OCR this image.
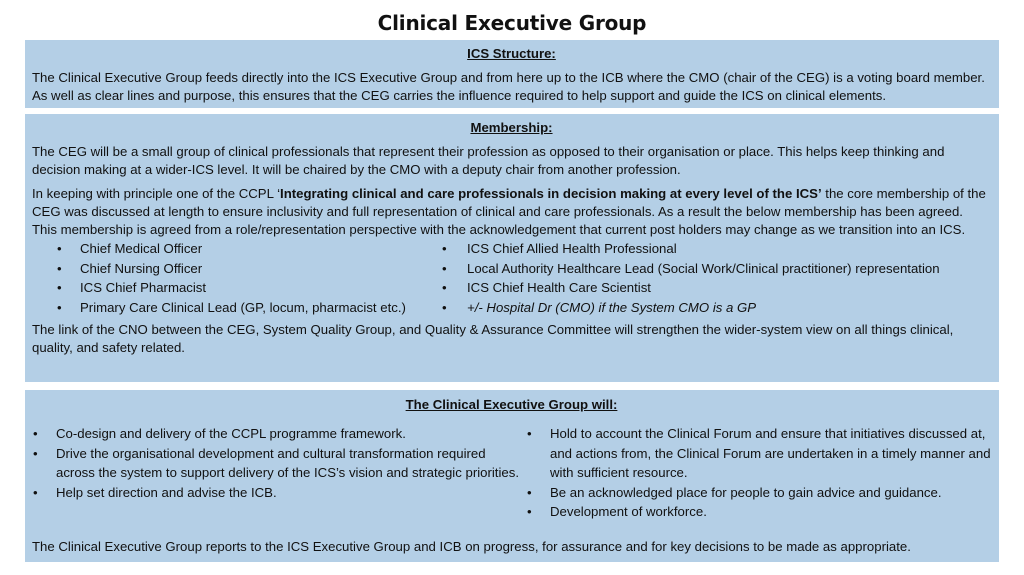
Clinical Executive Group
ICS Structure:

The Clinical Executive Group feeds directly into the ICS Executive Group and from here up to the ICB where the CMO (chair of the CEG) is a voting board member. As well as clear lines and purpose, this ensures that the CEG carries the influence required to help support and guide the ICS on clinical elements.

Membership:

The CEG will be a small group of clinical professionals that represent their profession as opposed to their organisation or place. This helps keep thinking and decision making at a wider-ICS level. It will be chaired by the CMO with a deputy chair from another profession.

In keeping with principle one of the CCPL ‘Integrating clinical and care professionals in decision making at every level of the ICS’ the core membership of the CEG was discussed at length to ensure inclusivity and full representation of clinical and care professionals. As a result the below membership has been agreed. This membership is agreed from a role/representation perspective with the acknowledgement that current post holders may change as we transition into an ICS.

• Chief Medical Officer
• Chief Nursing Officer
• ICS Chief Pharmacist
• Primary Care Clinical Lead (GP, locum, pharmacist etc.)
• ICS Chief Allied Health Professional
• Local Authority Healthcare Lead (Social Work/Clinical practitioner) representation
• ICS Chief Health Care Scientist
• +/- Hospital Dr (CMO) if the System CMO is a GP

The link of the CNO between the CEG, System Quality Group, and Quality & Assurance Committee will strengthen the wider-system view on all things clinical, quality, and safety related.

The Clinical Executive Group will:
• Co-design and delivery of the CCPL programme framework.
• Drive the organisational development and cultural transformation required across the system to support delivery of the ICS’s vision and strategic priorities.
• Help set direction and advise the ICB.
• Hold to account the Clinical Forum and ensure that initiatives discussed at, and actions from, the Clinical Forum are undertaken in a timely manner and with sufficient resource.
• Be an acknowledged place for people to gain advice and guidance.
• Development of workforce.

The Clinical Executive Group reports to the ICS Executive Group and ICB on progress, for assurance and for key decisions to be made as appropriate.
